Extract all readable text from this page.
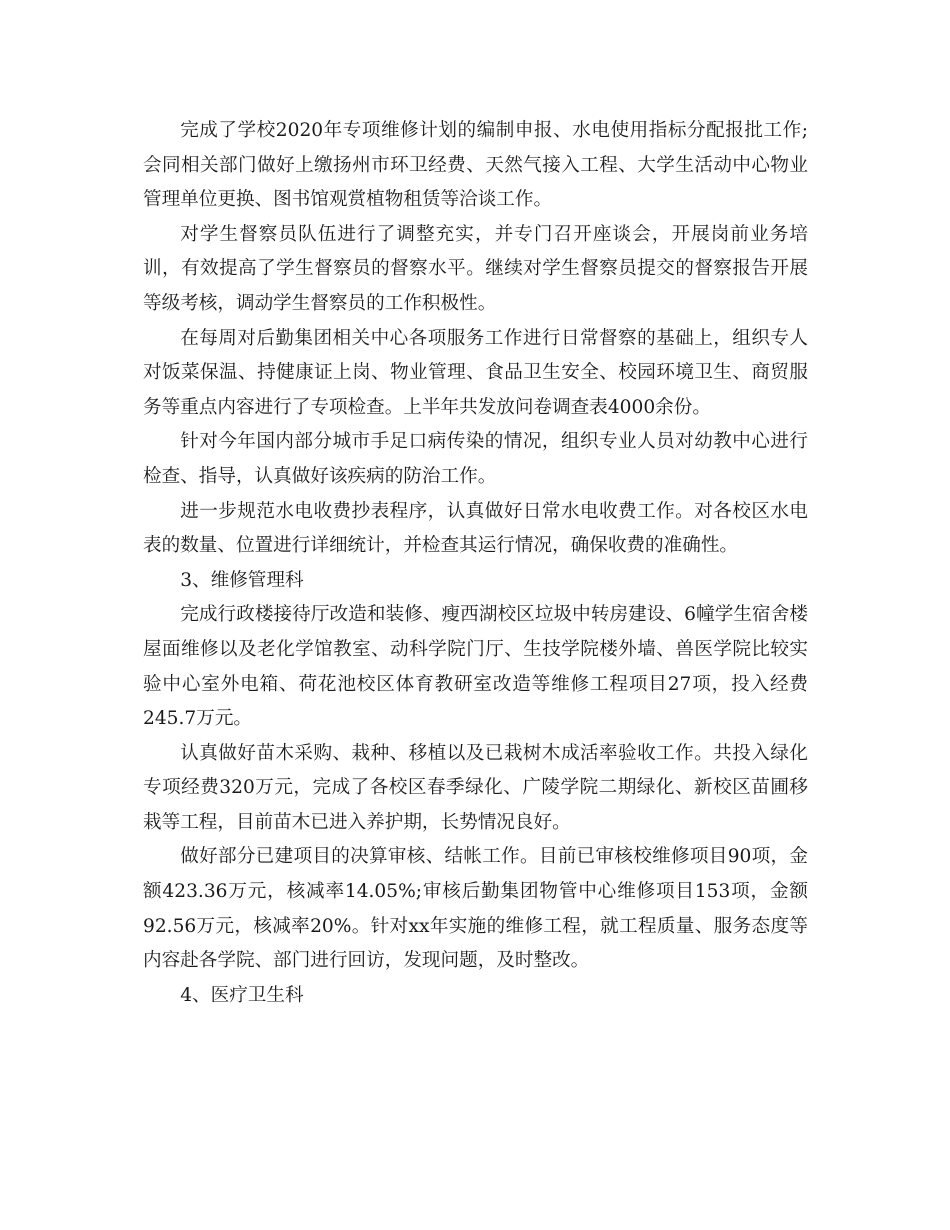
完成了学校2020年专项维修计划的编制申报、水电使用指标分配报批工作;会同相关部门做好上缴扬州市环卫经费、天然气接入工程、大学生活动中心物业管理单位更换、图书馆观赏植物租赁等洽谈工作。

对学生督察员队伍进行了调整充实，并专门召开座谈会，开展岗前业务培训，有效提高了学生督察员的督察水平。继续对学生督察员提交的督察报告开展等级考核，调动学生督察员的工作积极性。

在每周对后勤集团相关中心各项服务工作进行日常督察的基础上，组织专人对饭菜保温、持健康证上岗、物业管理、食品卫生安全、校园环境卫生、商贸服务等重点内容进行了专项检查。上半年共发放问卷调查表4000余份。

针对今年国内部分城市手足口病传染的情况，组织专业人员对幼教中心进行检查、指导，认真做好该疾病的防治工作。

进一步规范水电收费抄表程序，认真做好日常水电收费工作。对各校区水电表的数量、位置进行详细统计，并检查其运行情况，确保收费的准确性。

3、维修管理科

完成行政楼接待厅改造和装修、瘦西湖校区垃圾中转房建设、6幢学生宿舍楼屋面维修以及老化学馆教室、动科学院门厅、生技学院楼外墙、兽医学院比较实验中心室外电箱、荷花池校区体育教研室改造等维修工程项目27项，投入经费245.7万元。

认真做好苗木采购、栽种、移植以及已栽树木成活率验收工作。共投入绿化专项经费320万元，完成了各校区春季绿化、广陵学院二期绿化、新校区苗圃移栽等工程，目前苗木已进入养护期，长势情况良好。

做好部分已建项目的决算审核、结帐工作。目前已审核校维修项目90项，金额423.36万元，核减率14.05%;审核后勤集团物管中心维修项目153项，金额92.56万元，核减率20%。针对xx年实施的维修工程，就工程质量、服务态度等内容赴各学院、部门进行回访，发现问题，及时整改。

4、医疗卫生科
